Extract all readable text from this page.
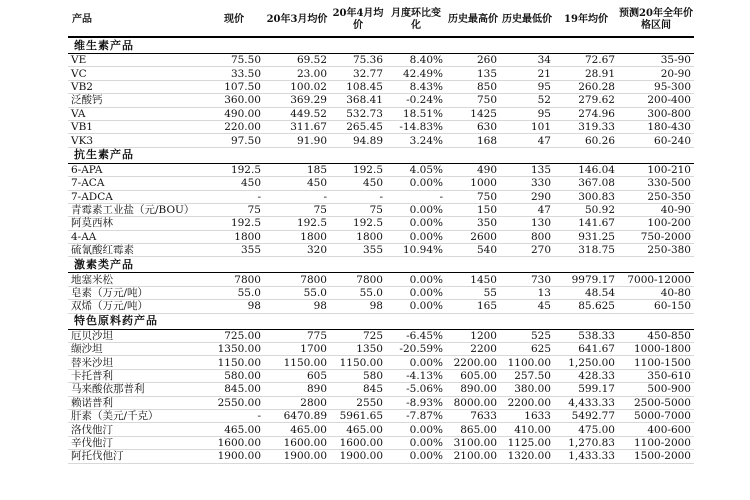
产品	现价	20年3月均价	20年4月均价	月度环比变化	历史最高价	历史最低价	19年均价	预测20年全年价格区间
维生素产品								
VE	75.50	69.52	75.36	8.40%	260	34	72.67	35-90
VC	33.50	23.00	32.77	42.49%	135	21	28.91	20-90
VB2	107.50	100.02	108.45	8.43%	850	95	260.28	95-300
泛酸钙	360.00	369.29	368.41	-0.24%	750	52	279.62	200-400
VA	490.00	449.52	532.73	18.51%	1425	95	274.96	300-800
VB1	220.00	311.67	265.45	-14.83%	630	101	319.33	180-430
VK3	97.50	91.90	94.89	3.24%	168	47	60.26	60-240
抗生素产品								
6-APA	192.5	185	192.5	4.05%	490	135	146.04	100-210
7-ACA	450	450	450	0.00%	1000	330	367.08	330-500
7-ADCA	-	-	-	-	750	290	300.83	250-350
青霉素工业盐（元/BOU）	75	75	75	0.00%	150	47	50.92	40-90
阿莫西林	192.5	192.5	192.5	0.00%	350	130	141.67	100-200
4-AA	1800	1800	1800	0.00%	2600	800	931.25	750-2000
硫氰酸红霉素	355	320	355	10.94%	540	270	318.75	250-380
激素类产品								
地塞米松	7800	7800	7800	0.00%	1450	730	9979.17	7000-12000
皂素（万元/吨）	55.0	55.0	55.0	0.00%	55	13	48.54	40-80
双烯（万元/吨）	98	98	98	0.00%	165	45	85.625	60-150
特色原料药产品								
厄贝沙坦	725.00	775	725	-6.45%	1200	525	538.33	450-850
缬沙坦	1350.00	1700	1350	-20.59%	2200	625	641.67	1000-1800
替米沙坦	1150.00	1150.00	1150.00	0.00%	2200.00	1100.00	1,250.00	1100-1500
卡托普利	580.00	605	580	-4.13%	605.00	257.50	428.33	350-610
马来酸依那普利	845.00	890	845	-5.06%	890.00	380.00	599.17	500-900
赖诺普利	2550.00	2800	2550	-8.93%	8000.00	2200.00	4,433.33	2500-5000
肝素（美元/千克）	-	6470.89	5961.65	-7.87%	7633	1633	5492.77	5000-7000
洛伐他汀	465.00	465.00	465.00	0.00%	865.00	410.00	475.00	400-600
辛伐他汀	1600.00	1600.00	1600.00	0.00%	3100.00	1125.00	1,270.83	1100-2000
阿托伐他汀	1900.00	1900.00	1900.00	0.00%	2100.00	1320.00	1,433.33	1500-2000
